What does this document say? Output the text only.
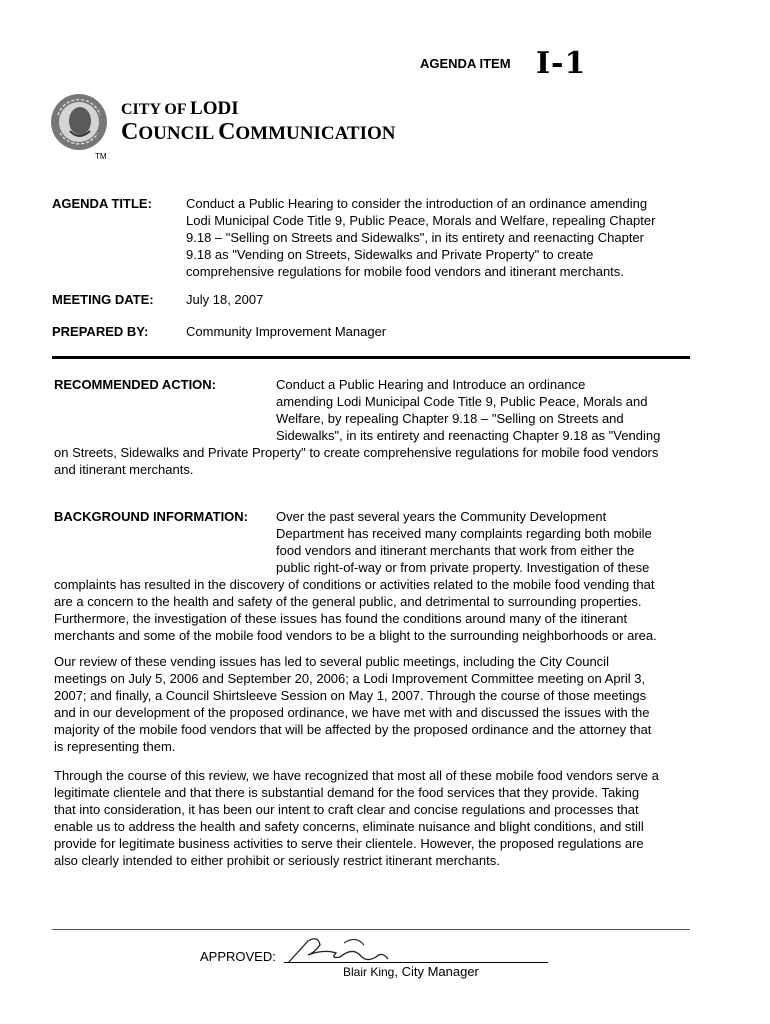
AGENDA ITEM I-1
TM
CITY OF LODI
COUNCIL COMMUNICATION
AGENDA TITLE:	Conduct a Public Hearing to consider the introduction of an ordinance amending
Lodi Municipal Code Title 9, Public Peace, Morals and Welfare, repealing Chapter
9.18 – "Selling on Streets and Sidewalks", in its entirety and reenacting Chapter
9.18 as "Vending on Streets, Sidewalks and Private Property" to create
comprehensive regulations for mobile food vendors and itinerant merchants.
MEETING DATE: July 18, 2007
PREPARED BY:	Community Improvement Manager
RECOMMENDED ACTION:	Conduct a Public Hearing and Introduce an ordinance
amending Lodi Municipal Code Title 9, Public Peace, Morals and
Welfare, by repealing Chapter 9.18 – "Selling on Streets and
Sidewalks", in its entirety and reenacting Chapter 9.18 as "Vending
on Streets, Sidewalks and Private Property" to create comprehensive regulations for mobile food vendors
and itinerant merchants.
BACKGROUND INFORMATION: Over the past several years the Community Development
Department has received many complaints regarding both mobile
food vendors and itinerant merchants that work from either the
public right-of-way or from private property. Investigation of these
complaints has resulted in the discovery of conditions or activities related to the mobile food vending that
are a concern to the health and safety of the general public, and detrimental to surrounding properties.
Furthermore, the investigation of these issues has found the conditions around many of the itinerant
merchants and some of the mobile food vendors to be a blight to the surrounding neighborhoods or area.
Our review of these vending issues has led to several public meetings, including the City Council
meetings on July 5, 2006 and September 20, 2006; a Lodi Improvement Committee meeting on April 3,
2007; and finally, a Council Shirtsleeve Session on May 1, 2007. Through the course of those meetings
and in our development of the proposed ordinance, we have met with and discussed the issues with the
majority of the mobile food vendors that will be affected by the proposed ordinance and the attorney that
is representing them.
Through the course of this review, we have recognized that most all of these mobile food vendors serve a
legitimate clientele and that there is substantial demand for the food services that they provide. Taking
that into consideration, it has been our intent to craft clear and concise regulations and processes that
enable us to address the health and safety concerns, eliminate nuisance and blight conditions, and still
provide for legitimate business activities to serve their clientele. However, the proposed regulations are
also clearly intended to either prohibit or seriously restrict itinerant merchants.
APPROVED:
Blair King, City Manager
